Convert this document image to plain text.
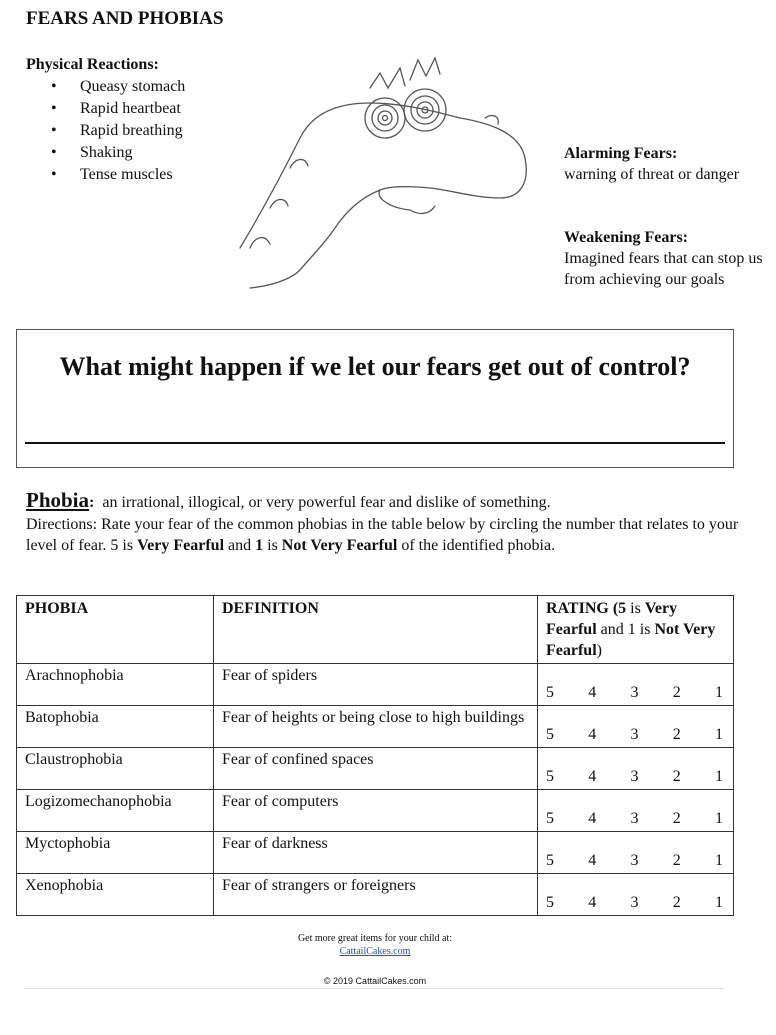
FEARS AND PHOBIAS
Physical Reactions:
• Queasy stomach
• Rapid heartbeat
• Rapid breathing
• Shaking
• Tense muscles
Alarming Fears:
warning of threat or danger
Weakening Fears:
Imagined fears that can stop us from achieving our goals
What might happen if we let our fears get out of control?
Phobia: an irrational, illogical, or very powerful fear and dislike of something.
Directions: Rate your fear of the common phobias in the table below by circling the number that relates to your level of fear. 5 is Very Fearful and 1 is Not Very Fearful of the identified phobia.
PHOBIA	DEFINITION	RATING (5 is Very Fearful and 1 is Not Very Fearful)
Arachnophobia	Fear of spiders	5 4 3 2 1

Batophobia	Fear of heights or being close to high buildings	5 4 3 2 1

Claustrophobia	Fear of confined spaces	5 4 3 2 1

Logizomechanophobia	Fear of computers	5 4 3 2 1

Myctophobia	Fear of darkness	5 4 3 2 1

Xenophobia	Fear of strangers or foreigners	5 4 3 2 1
Get more great items for your child at:
CattailCakes.com
© 2019 CattailCakes.com
